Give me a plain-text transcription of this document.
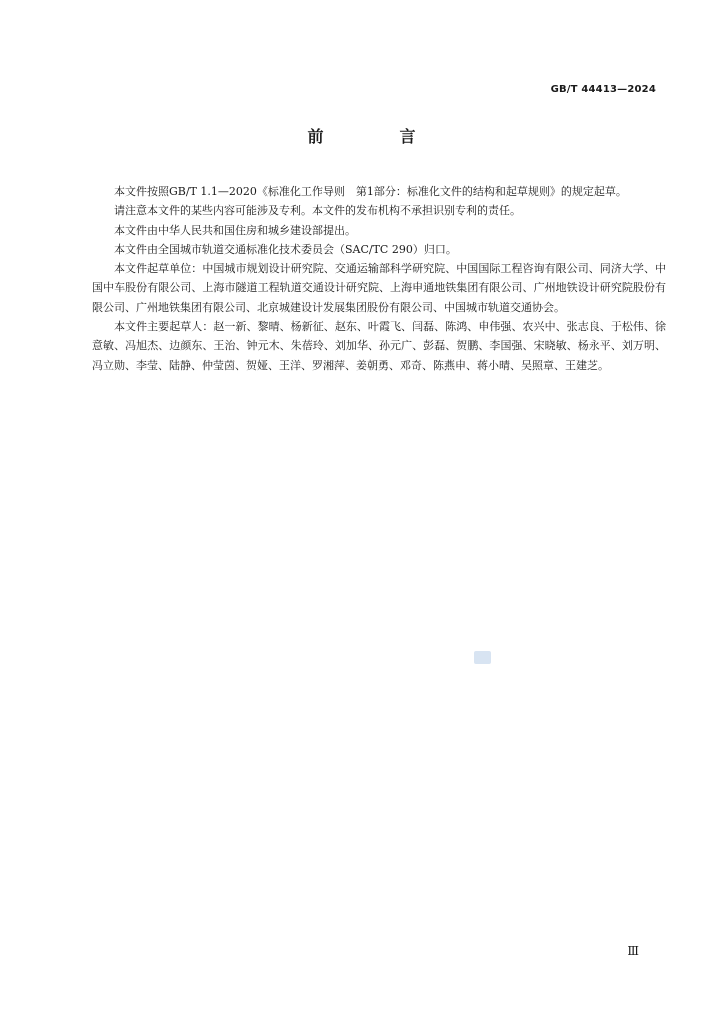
GB/T 44413—2024
前　言

本文件按照GB/T 1.1—2020《标准化工作导则　第1部分：标准化文件的结构和起草规则》的规定起草。

请注意本文件的某些内容可能涉及专利。本文件的发布机构不承担识别专利的责任。

本文件由中华人民共和国住房和城乡建设部提出。

本文件由全国城市轨道交通标准化技术委员会（SAC/TC 290）归口。

本文件起草单位：中国城市规划设计研究院、交通运输部科学研究院、中国国际工程咨询有限公司、同济大学、中国中车股份有限公司、上海市隧道工程轨道交通设计研究院、上海申通地铁集团有限公司、广州地铁设计研究院股份有限公司、广州地铁集团有限公司、北京城建设计发展集团股份有限公司、中国城市轨道交通协会。

本文件主要起草人：赵一新、黎晴、杨新征、赵东、叶霞飞、闫磊、陈鸿、申伟强、农兴中、张志良、于松伟、徐意敏、冯旭杰、边颜东、王治、钟元木、朱蓓玲、刘加华、孙元广、彭磊、贺鹏、李国强、宋晓敏、杨永平、刘万明、冯立勋、李莹、陆静、仲莹茵、贺娅、王洋、罗湘萍、姜朝勇、邓奇、陈燕申、蒋小晴、吴照章、王建芝。

Ⅲ
